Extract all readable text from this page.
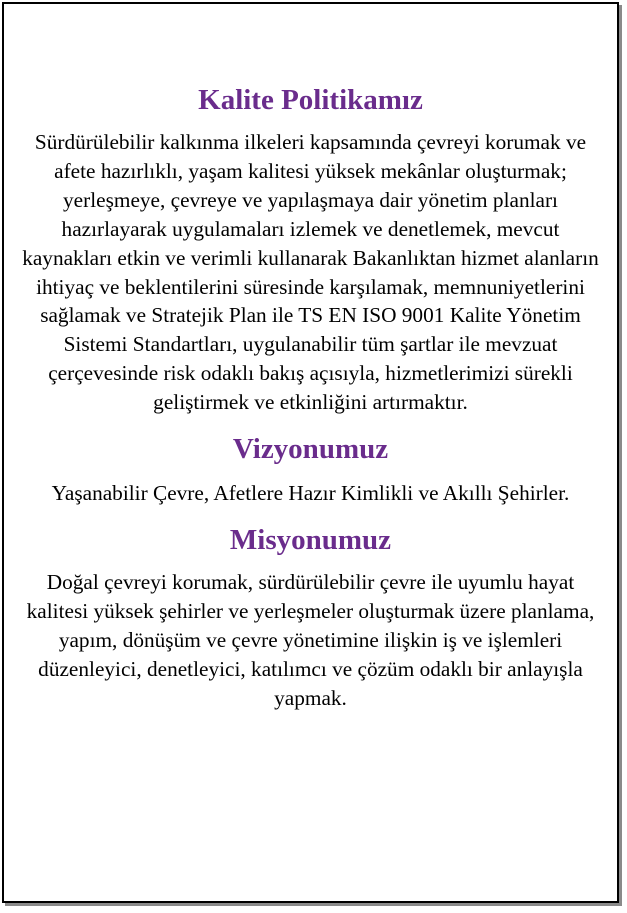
Kalite Politikamız

Sürdürülebilir kalkınma ilkeleri kapsamında çevreyi korumak ve afete hazırlıklı, yaşam kalitesi yüksek mekânlar oluşturmak; yerleşmeye, çevreye ve yapılaşmaya dair yönetim planları hazırlayarak uygulamaları izlemek ve denetlemek, mevcut kaynakları etkin ve verimli kullanarak Bakanlıktan hizmet alanların ihtiyaç ve beklentilerini süresinde karşılamak, memnuniyetlerini sağlamak ve Stratejik Plan ile TS EN ISO 9001 Kalite Yönetim Sistemi Standartları, uygulanabilir tüm şartlar ile mevzuat çerçevesinde risk odaklı bakış açısıyla, hizmetlerimizi sürekli geliştirmek ve etkinliğini artırmaktır.

Vizyonumuz

Yaşanabilir Çevre, Afetlere Hazır Kimlikli ve Akıllı Şehirler.

Misyonumuz

Doğal çevreyi korumak, sürdürülebilir çevre ile uyumlu hayat kalitesi yüksek şehirler ve yerleşmeler oluşturmak üzere planlama, yapım, dönüşüm ve çevre yönetimine ilişkin iş ve işlemleri düzenleyici, denetleyici, katılımcı ve çözüm odaklı bir anlayışla yapmak.
